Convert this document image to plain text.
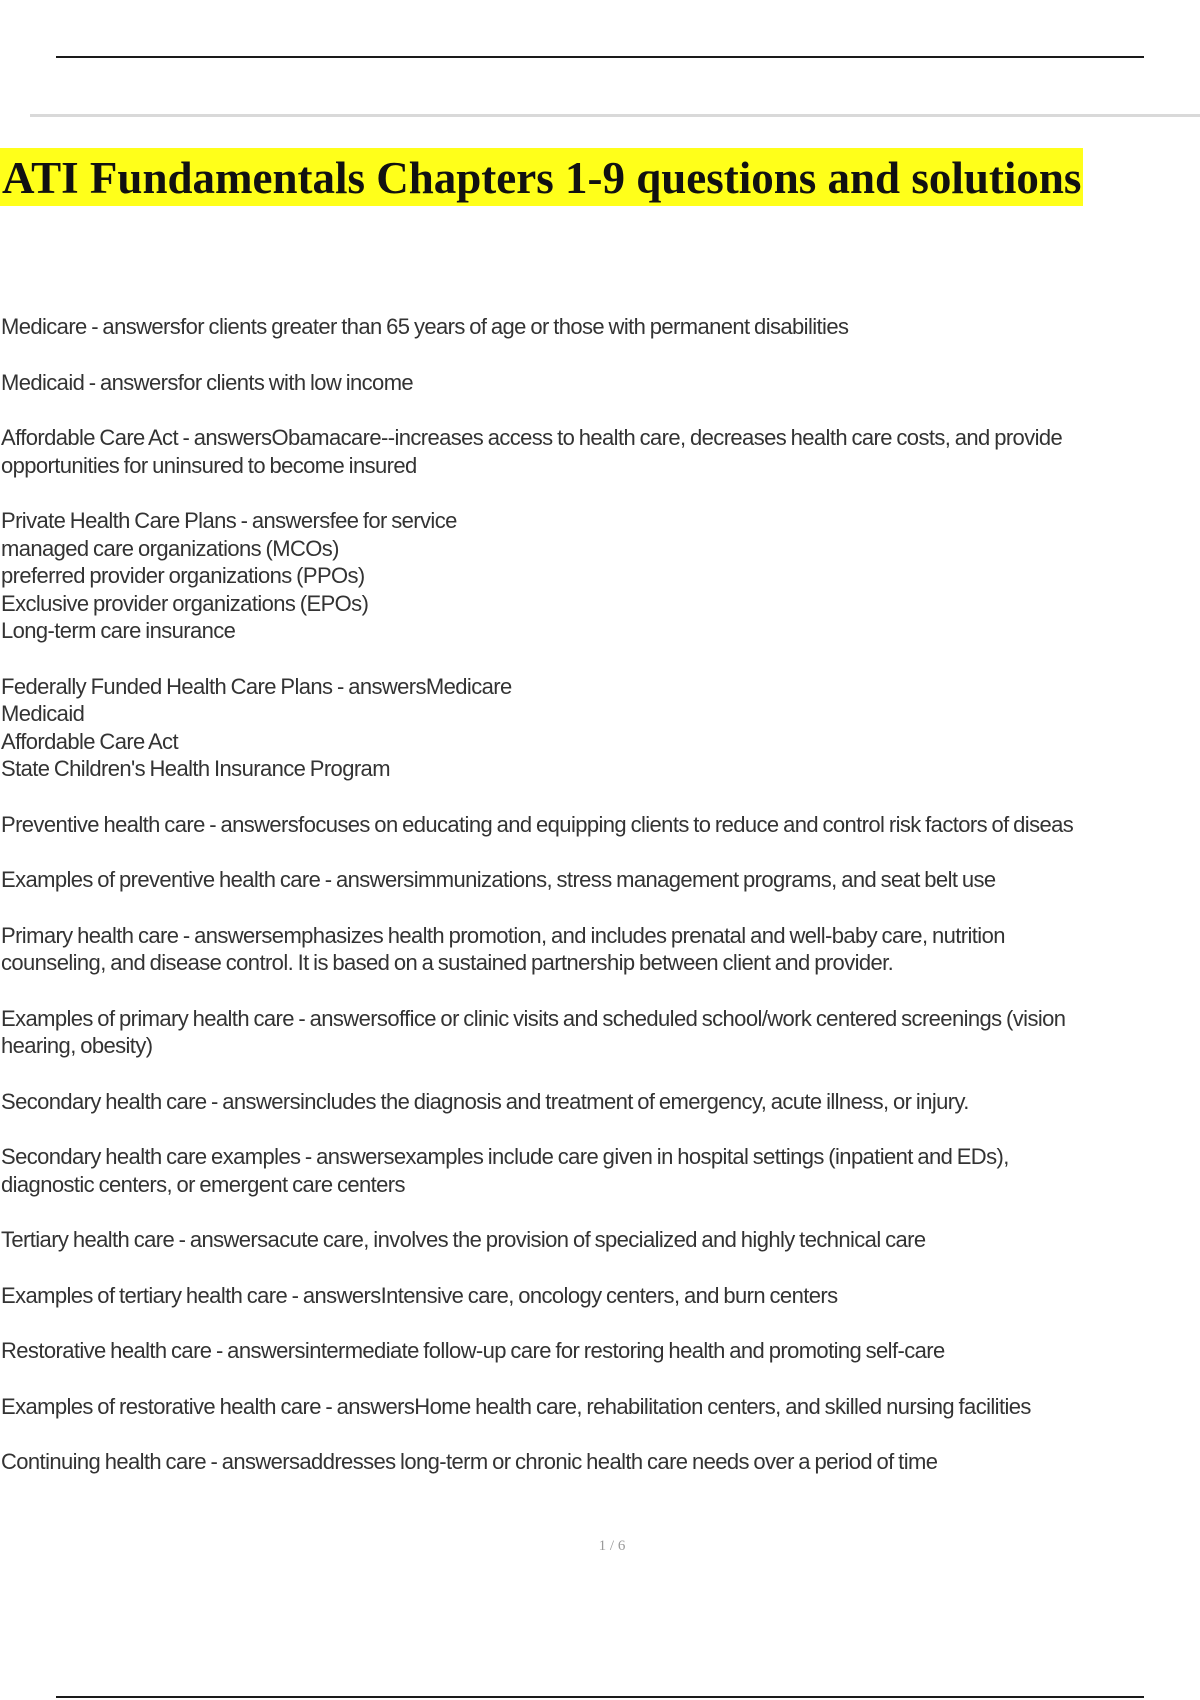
ATI Fundamentals Chapters 1-9 questions and solutions
Medicare - answersfor clients greater than 65 years of age or those with permanent disabilities
Medicaid - answersfor clients with low income
Affordable Care Act - answersObamacare--increases access to health care, decreases health care costs, and provide
opportunities for uninsured to become insured
Private Health Care Plans - answersfee for service
managed care organizations (MCOs)
preferred provider organizations (PPOs)
Exclusive provider organizations (EPOs)
Long-term care insurance
Federally Funded Health Care Plans - answersMedicare
Medicaid
Affordable Care Act
State Children's Health Insurance Program
Preventive health care - answersfocuses on educating and equipping clients to reduce and control risk factors of diseas
Examples of preventive health care - answersimmunizations, stress management programs, and seat belt use
Primary health care - answersemphasizes health promotion, and includes prenatal and well-baby care, nutrition
counseling, and disease control. It is based on a sustained partnership between client and provider.
Examples of primary health care - answersoffice or clinic visits and scheduled school/work centered screenings (vision
hearing, obesity)
Secondary health care - answersincludes the diagnosis and treatment of emergency, acute illness, or injury.
Secondary health care examples - answersexamples include care given in hospital settings (inpatient and EDs),
diagnostic centers, or emergent care centers
Tertiary health care - answersacute care, involves the provision of specialized and highly technical care
Examples of tertiary health care - answersIntensive care, oncology centers, and burn centers
Restorative health care - answersintermediate follow-up care for restoring health and promoting self-care
Examples of restorative health care - answersHome health care, rehabilitation centers, and skilled nursing facilities
Continuing health care - answersaddresses long-term or chronic health care needs over a period of time
1 / 6
